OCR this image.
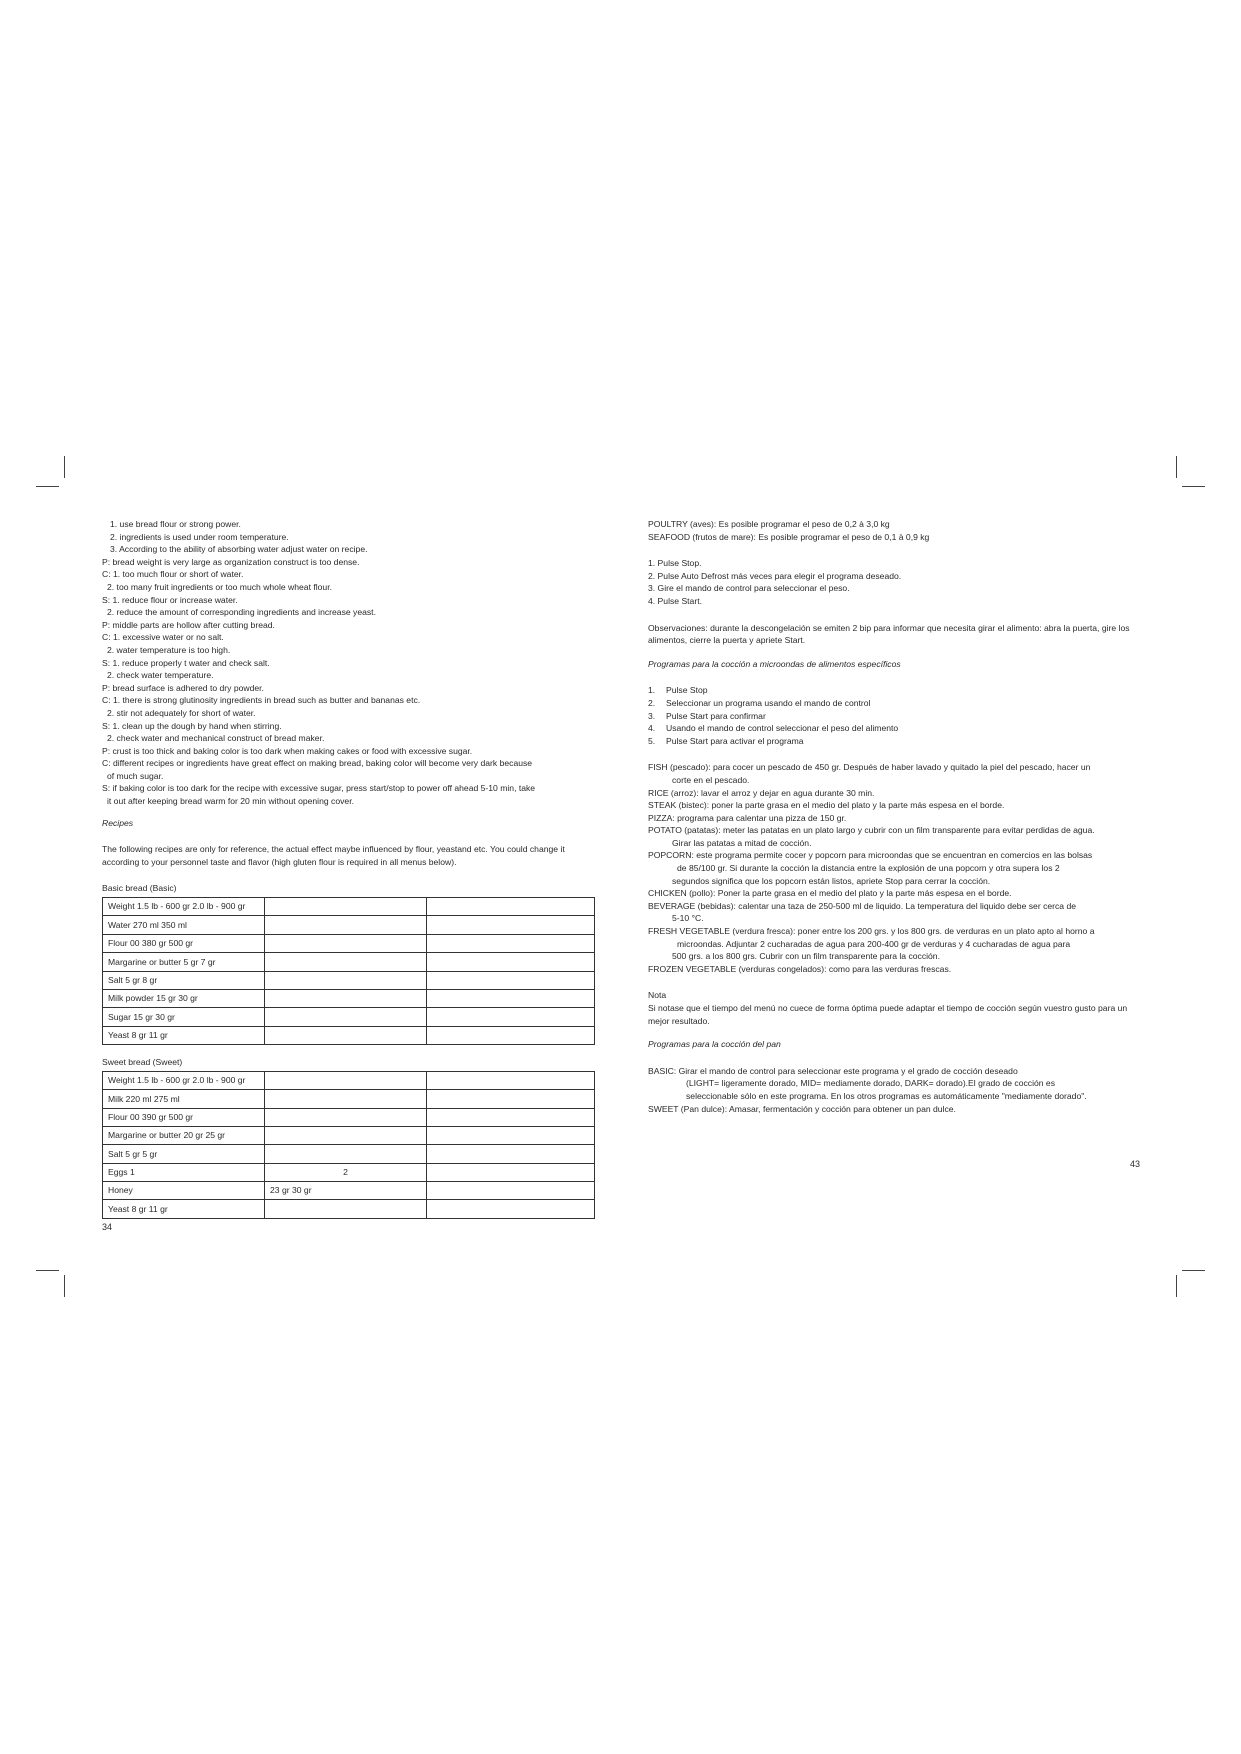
1. use bread flour or strong power.
2. ingredients is used under room temperature.
3. According to the ability of absorbing water adjust water on recipe.
P: bread weight is very large as organization construct is too dense.
C: 1. too much flour or short of water.
2. too many fruit ingredients or too much whole wheat flour.
S: 1. reduce flour or increase water.
2. reduce the amount of corresponding ingredients and increase yeast.
P: middle parts are hollow after cutting bread.
C: 1. excessive water or no salt.
2. water temperature is too high.
S: 1. reduce properly t water and check salt.
2. check water temperature.
P: bread surface is adhered to dry powder.
C: 1. there is strong glutinosity ingredients in bread such as butter and bananas etc.
2. stir not adequately for short of water.
S: 1. clean up the dough by hand when stirring.
2. check water and mechanical construct of bread maker.
P: crust is too thick and baking color is too dark when making cakes or food with excessive sugar.
C: different recipes or ingredients have great effect on making bread, baking color will become very dark because
of much sugar.
S: if baking color is too dark for the recipe with excessive sugar, press start/stop to power off ahead 5-10 min, take
it out after keeping bread warm for 20 min without opening cover.

Recipes

The following recipes are only for reference, the actual effect maybe influenced by flour, yeastand etc. You could change it according to your personnel taste and flavor (high gluten flour is required in all menus below).

Basic bread (Basic)

Weight 1.5 lb - 600 gr 2.0 lb - 900 gr		
Water 270 ml 350 ml		
Flour 00 380 gr 500 gr		
Margarine or butter 5 gr 7 gr		
Salt 5 gr 8 gr		
Milk powder 15 gr 30 gr		
Sugar 15 gr 30 gr		
Yeast 8 gr 11 gr		

Sweet bread (Sweet)

Weight 1.5 lb - 600 gr 2.0 lb - 900 gr		
Milk 220 ml 275 ml		
Flour 00 390 gr 500 gr		
Margarine or butter 20 gr 25 gr		
Salt 5 gr 5 gr		
Eggs 1	2	
Honey	23 gr 30 gr	
Yeast 8 gr 11 gr		
34
POULTRY (aves): Es posible programar el peso de 0,2 à 3,0 kg
SEAFOOD (frutos de mare): Es posible programar el peso de 0,1 à 0,9 kg
1. Pulse Stop.
2. Pulse Auto Defrost más veces para elegir el programa deseado.
3. Gire el mando de control para seleccionar el peso.
4. Pulse Start.

Observaciones: durante la descongelación se emiten 2 bip para informar que necesita girar el alimento: abra la puerta, gire los alimentos, cierre la puerta y apriete Start.

Programas para la cocción a microondas de alimentos específicos

1. Pulse Stop
2. Seleccionar un programa usando el mando de control
3. Pulse Start para confirmar
4. Usando el mando de control seleccionar el peso del alimento
5. Pulse Start para activar el programa
FISH (pescado): para cocer un pescado de 450 gr. Después de haber lavado y quitado la piel del pescado, hacer un
corte en el pescado.
RICE (arroz): lavar el arroz y dejar en agua durante 30 min.
STEAK (bistec): poner la parte grasa en el medio del plato y la parte más espesa en el borde.
PIZZA: programa para calentar una pizza de 150 gr.
POTATO (patatas): meter las patatas en un plato largo y cubrir con un film transparente para evitar perdidas de agua.
Girar las patatas a mitad de cocción.
POPCORN: este programa permite cocer y popcorn para microondas que se encuentran en comercios en las bolsas
de 85/100 gr. Si durante la cocción la distancia entre la explosión de una popcorn y otra supera los 2
segundos significa que los popcorn están listos, apriete Stop para cerrar la cocción.
CHICKEN (pollo): Poner la parte grasa en el medio del plato y la parte más espesa en el borde.
BEVERAGE (bebidas): calentar una taza de 250-500 ml de liquido. La temperatura del liquido debe ser cerca de
5-10 °C.
FRESH VEGETABLE (verdura fresca): poner entre los 200 grs. y los 800 grs. de verduras en un plato apto al horno a
microondas. Adjuntar 2 cucharadas de agua para 200-400 gr de verduras y 4 cucharadas de agua para
500 grs. a los 800 grs. Cubrir con un film transparente para la cocción.
FROZEN VEGETABLE (verduras congelados): como para las verduras frescas.

Nota

Si notase que el tiempo del menú no cuece de forma óptima puede adaptar el tiempo de cocción según vuestro gusto para un mejor resultado.

Programas para la cocción del pan

BASIC: Girar el mando de control para seleccionar este programa y el grado de cocción deseado
(LIGHT= ligeramente dorado, MID= mediamente dorado, DARK= dorado).El grado de cocción es
seleccionable sólo en este programa. En los otros programas es automáticamente "mediamente dorado".
SWEET (Pan dulce): Amasar, fermentación y cocción para obtener un pan dulce.
43
